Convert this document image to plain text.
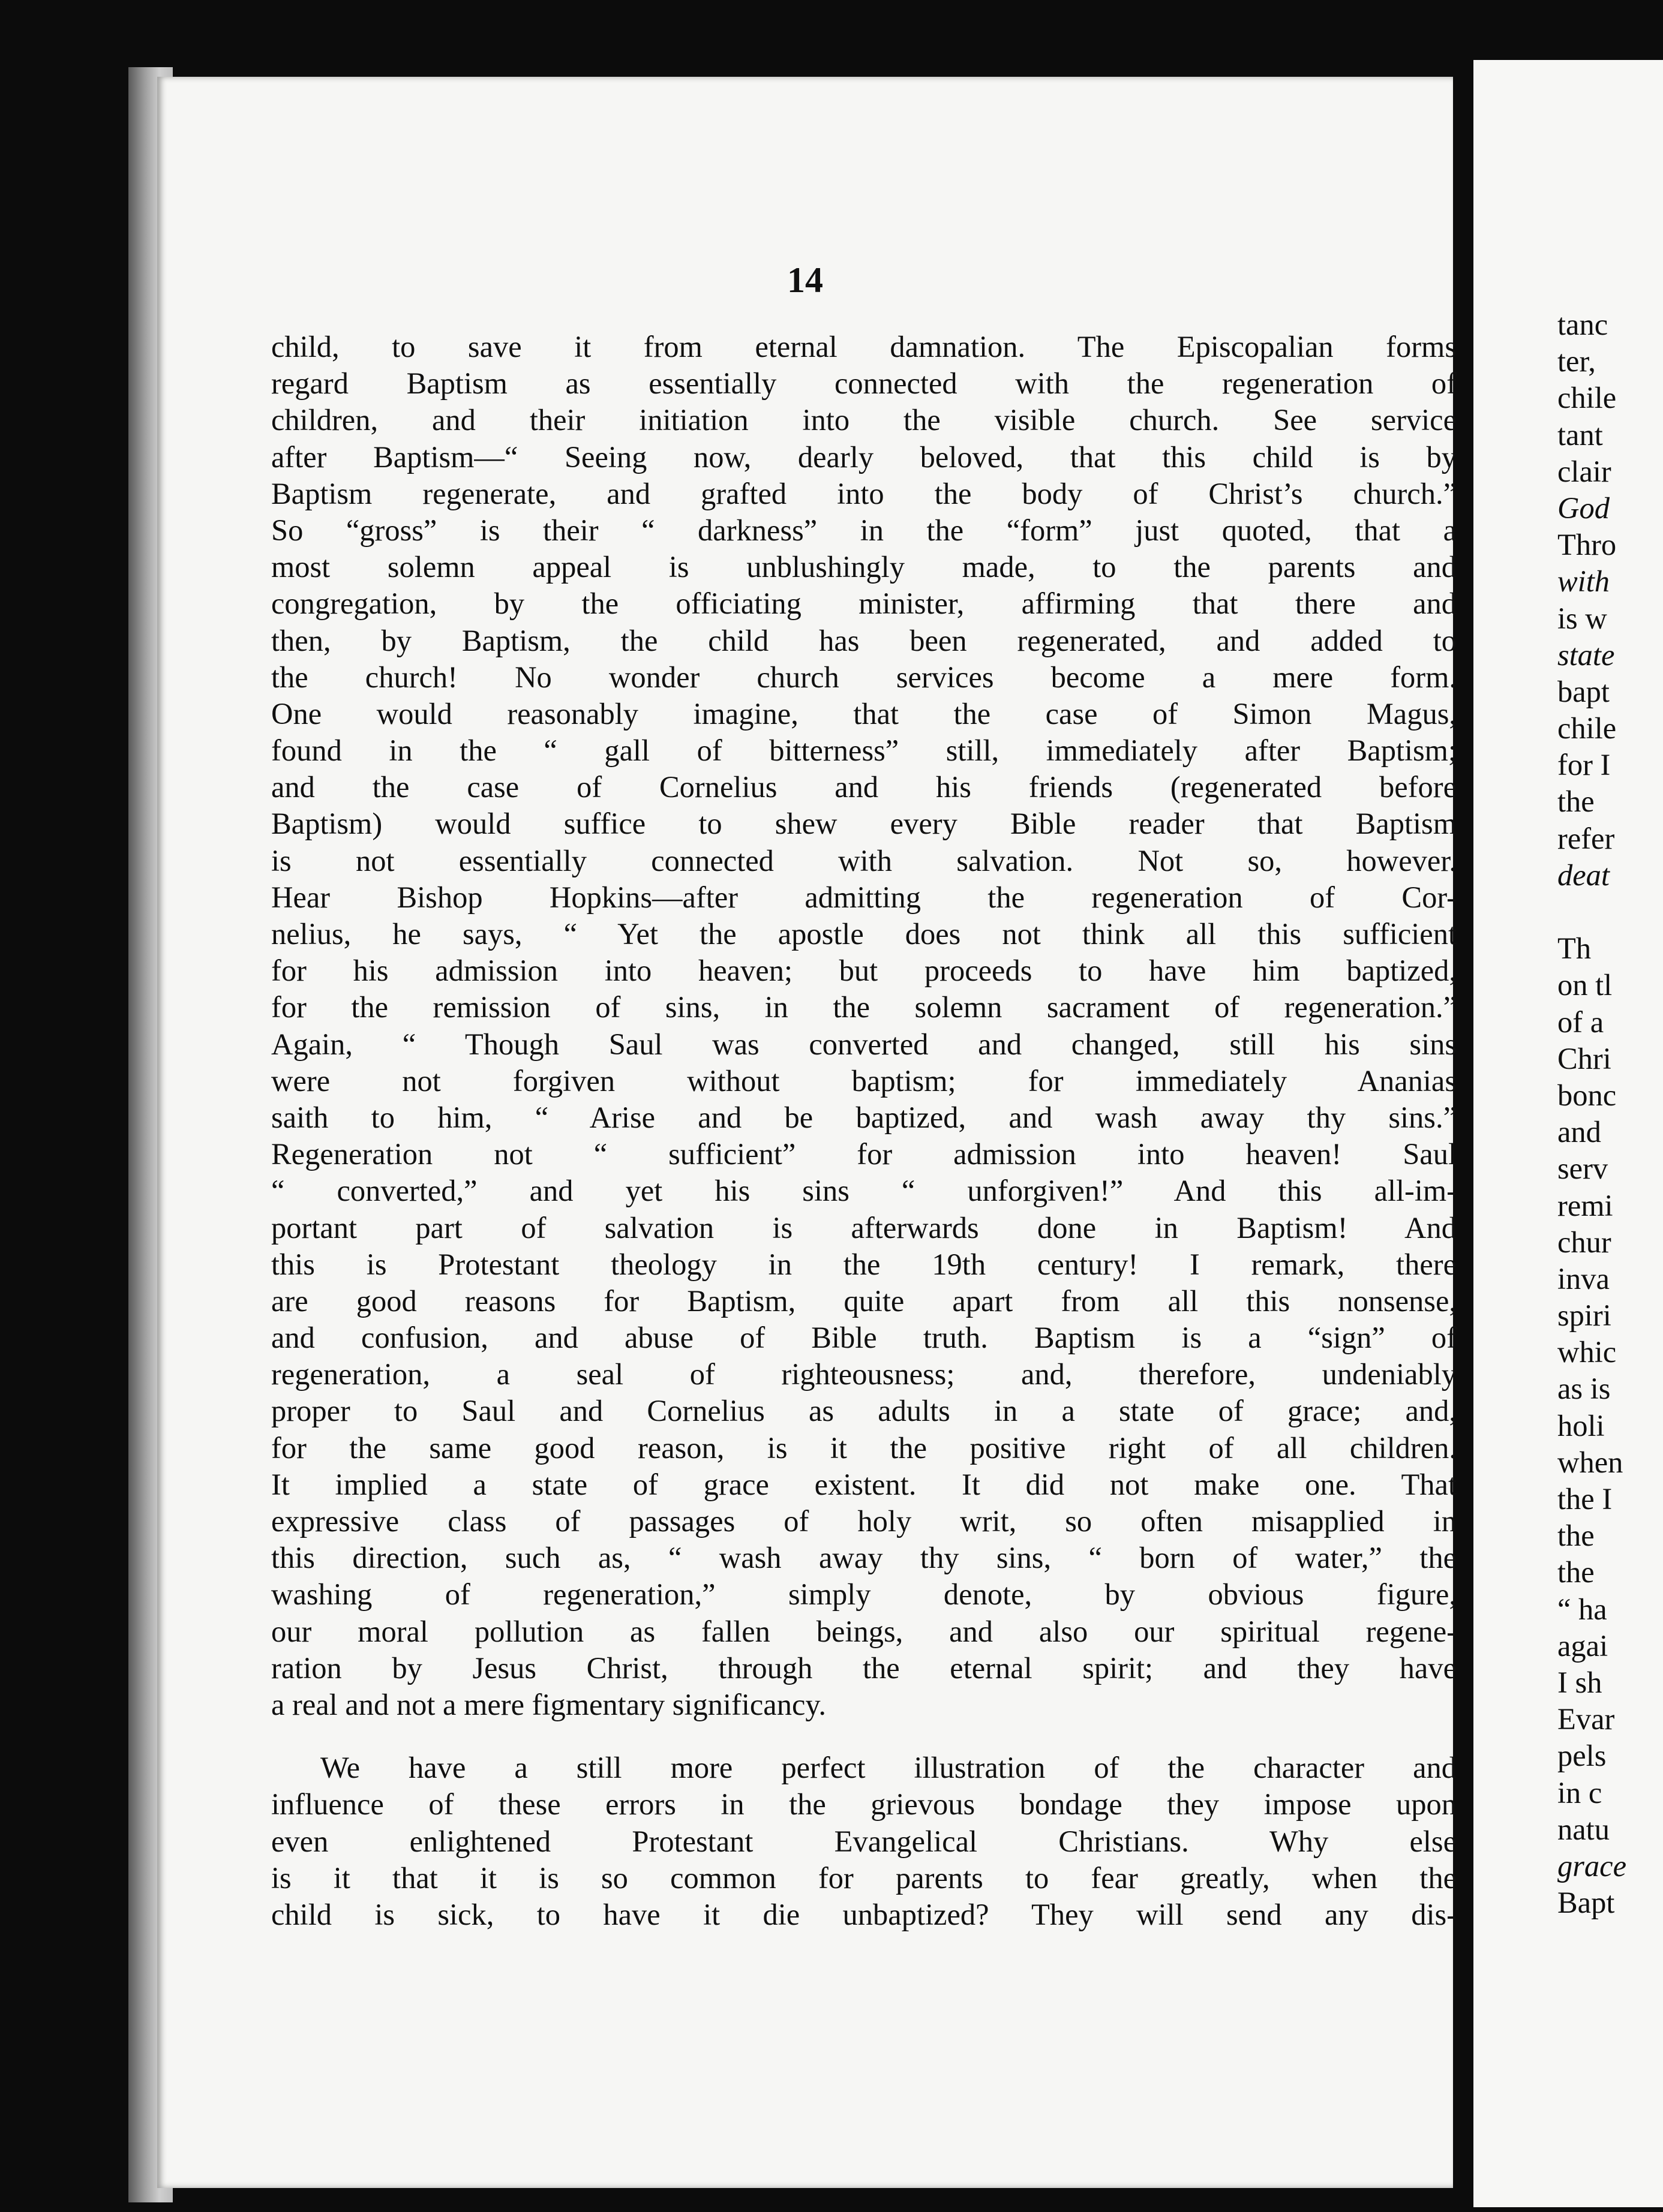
14

child, to save it from eternal damnation. The Episcopalian forms
regard Baptism as essentially connected with the regeneration of
children, and their initiation into the visible church. See service
after Baptism—“ Seeing now, dearly beloved, that this child is by
Baptism regenerate, and grafted into the body of Christ’s church.”
So “gross” is their “ darkness” in the “form” just quoted, that a
most solemn appeal is unblushingly made, to the parents and
congregation, by the officiating minister, affirming that there and
then, by Baptism, the child has been regenerated, and added to
the church! No wonder church services become a mere form.
One would reasonably imagine, that the case of Simon Magus,
found in the “ gall of bitterness” still, immediately after Baptism;
and the case of Cornelius and his friends (regenerated before
Baptism) would suffice to shew every Bible reader that Baptism
is not essentially connected with salvation. Not so, however.
Hear Bishop Hopkins—after admitting the regeneration of Cor-
nelius, he says, “ Yet the apostle does not think all this sufficient
for his admission into heaven; but proceeds to have him baptized,
for the remission of sins, in the solemn sacrament of regeneration.”
Again, “ Though Saul was converted and changed, still his sins
were not forgiven without baptism; for immediately Ananias
saith to him, “ Arise and be baptized, and wash away thy sins.”
Regeneration not “ sufficient” for admission into heaven! Saul
“ converted,” and yet his sins “ unforgiven!” And this all-im-
portant part of salvation is afterwards done in Baptism! And
this is Protestant theology in the 19th century! I remark, there
are good reasons for Baptism, quite apart from all this nonsense,
and confusion, and abuse of Bible truth. Baptism is a “sign” of
regeneration, a seal of righteousness; and, therefore, undeniably
proper to Saul and Cornelius as adults in a state of grace; and,
for the same good reason, is it the positive right of all children.
It implied a state of grace existent. It did not make one. That
expressive class of passages of holy writ, so often misapplied in
this direction, such as, “ wash away thy sins, “ born of water,” the
washing of regeneration,” simply denote, by obvious figure,
our moral pollution as fallen beings, and also our spiritual regene-
ration by Jesus Christ, through the eternal spirit; and they have
a real and not a mere figmentary significancy.
We have a still more perfect illustration of the character and
influence of these errors in the grievous bondage they impose upon
even enlightened Protestant Evangelical Christians. Why else
is it that it is so common for parents to fear greatly, when the
child is sick, to have it die unbaptized? They will send any dis-
tanc
ter,
chile
tant
clair
God
Thro
with
is w
state
bapt
chile
for I
the
refer
deat
Th
on tl
of a
Chri
bonc
and
serv
remi
chur
inva
spiri
whic
as is
holi
when
the I
the
the
“ ha
agai
I sh
Evar
pels
in c
natu
grace
Bapt
